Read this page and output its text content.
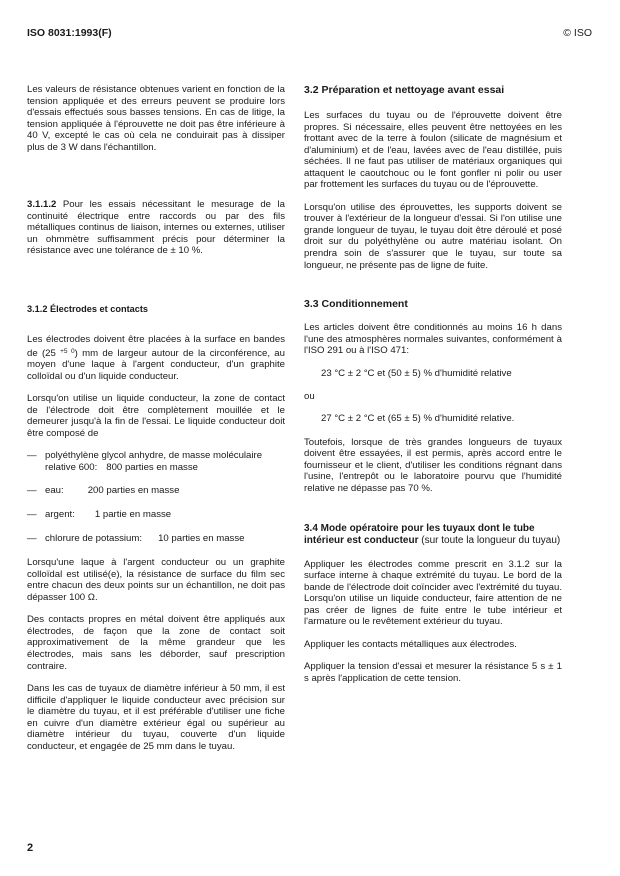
ISO 8031:1993(F)	© ISO

Les valeurs de résistance obtenues varient en fonction de la tension appliquée et des erreurs peuvent se produire lors d'essais effectués sous basses tensions. En cas de litige, la tension appliquée à l'éprouvette ne doit pas être inférieure à 40 V, excepté le cas où cela ne conduirait pas à dissiper plus de 3 W dans l'échantillon.

3.1.1.2 Pour les essais nécessitant le mesurage de la continuité électrique entre raccords ou par des fils métalliques continus de liaison, internes ou externes, utiliser un ohmmètre suffisamment précis pour déterminer la résistance avec une tolérance de ± 10 %.

3.1.2 Électrodes et contacts

Les électrodes doivent être placées à la surface en bandes de (25 $^{+5 0}$) mm de largeur autour de la circonférence, au moyen d'une laque à l'argent conducteur, d'un graphite colloïdal ou d'un liquide conducteur.

Lorsqu'on utilise un liquide conducteur, la zone de contact de l'électrode doit être complètement mouillée et le demeurer jusqu'à la fin de l'essai. Le liquide conducteur doit être composé de

— polyéthylène glycol anhydre, de masse moléculaire relative 600: 800 parties en masse
— eau:	200 parties en masse
— argent: 1 partie en masse
— chlorure de potassium: 10 parties en masse

Lorsqu'une laque à l'argent conducteur ou un graphite colloïdal est utilisé(e), la résistance de surface du film sec entre chacun des deux points sur un échantillon, ne doit pas dépasser 100 Ω.

Des contacts propres en métal doivent être appliqués aux électrodes, de façon que la zone de contact soit approximativement de la même grandeur que les électrodes, mais sans les déborder, sauf prescription contraire.

Dans les cas de tuyaux de diamètre inférieur à 50 mm, il est difficile d'appliquer le liquide conducteur avec précision sur le diamètre du tuyau, et il est préférable d'utiliser une fiche en cuivre d'un diamètre extérieur égal ou supérieur au diamètre intérieur du tuyau, couverte d'un liquide conducteur, et engagée de 25 mm dans le tuyau.

3.2 Préparation et nettoyage avant essai

Les surfaces du tuyau ou de l'éprouvette doivent être propres. Si nécessaire, elles peuvent être nettoyées en les frottant avec de la terre à foulon (silicate de magnésium et d'aluminium) et de l'eau, lavées avec de l'eau distillée, puis séchées. Il ne faut pas utiliser de matériaux organiques qui attaquent le caoutchouc ou le font gonfler ni polir ou user par frottement les surfaces du tuyau ou de l'éprouvette.

Lorsqu'on utilise des éprouvettes, les supports doivent se trouver à l'extérieur de la longueur d'essai. Si l'on utilise une grande longueur de tuyau, le tuyau doit être déroulé et posé droit sur du polyéthylène ou autre matériau isolant. On prendra soin de s'assurer que le tuyau, sur toute sa longueur, ne présente pas de ligne de fuite.

3.3 Conditionnement

Les articles doivent être conditionnés au moins 16 h dans l'une des atmosphères normales suivantes, conformément à l'ISO 291 ou à l'ISO 471:

23 °C ± 2 °C et (50 ± 5) % d'humidité relative
ou
27 °C ± 2 °C et (65 ± 5) % d'humidité relative.

Toutefois, lorsque de très grandes longueurs de tuyaux doivent être essayées, il est permis, après accord entre le fournisseur et le client, d'utiliser les conditions régnant dans l'usine, l'entrepôt ou le laboratoire pourvu que l'humidité relative ne dépasse pas 70 %.

3.4 Mode opératoire pour les tuyaux dont le tube intérieur est conducteur (sur toute la longueur du tuyau)

Appliquer les électrodes comme prescrit en 3.1.2 sur la surface interne à chaque extrémité du tuyau. Le bord de la bande de l'électrode doit coïncider avec l'extrémité du tuyau. Lorsqu'on utilise un liquide conducteur, faire attention de ne pas créer de lignes de fuite entre le tube intérieur et l'armature ou le revêtement extérieur du tuyau.

Appliquer les contacts métalliques aux électrodes.

Appliquer la tension d'essai et mesurer la résistance 5 s ± 1 s après l'application de cette tension.

2
